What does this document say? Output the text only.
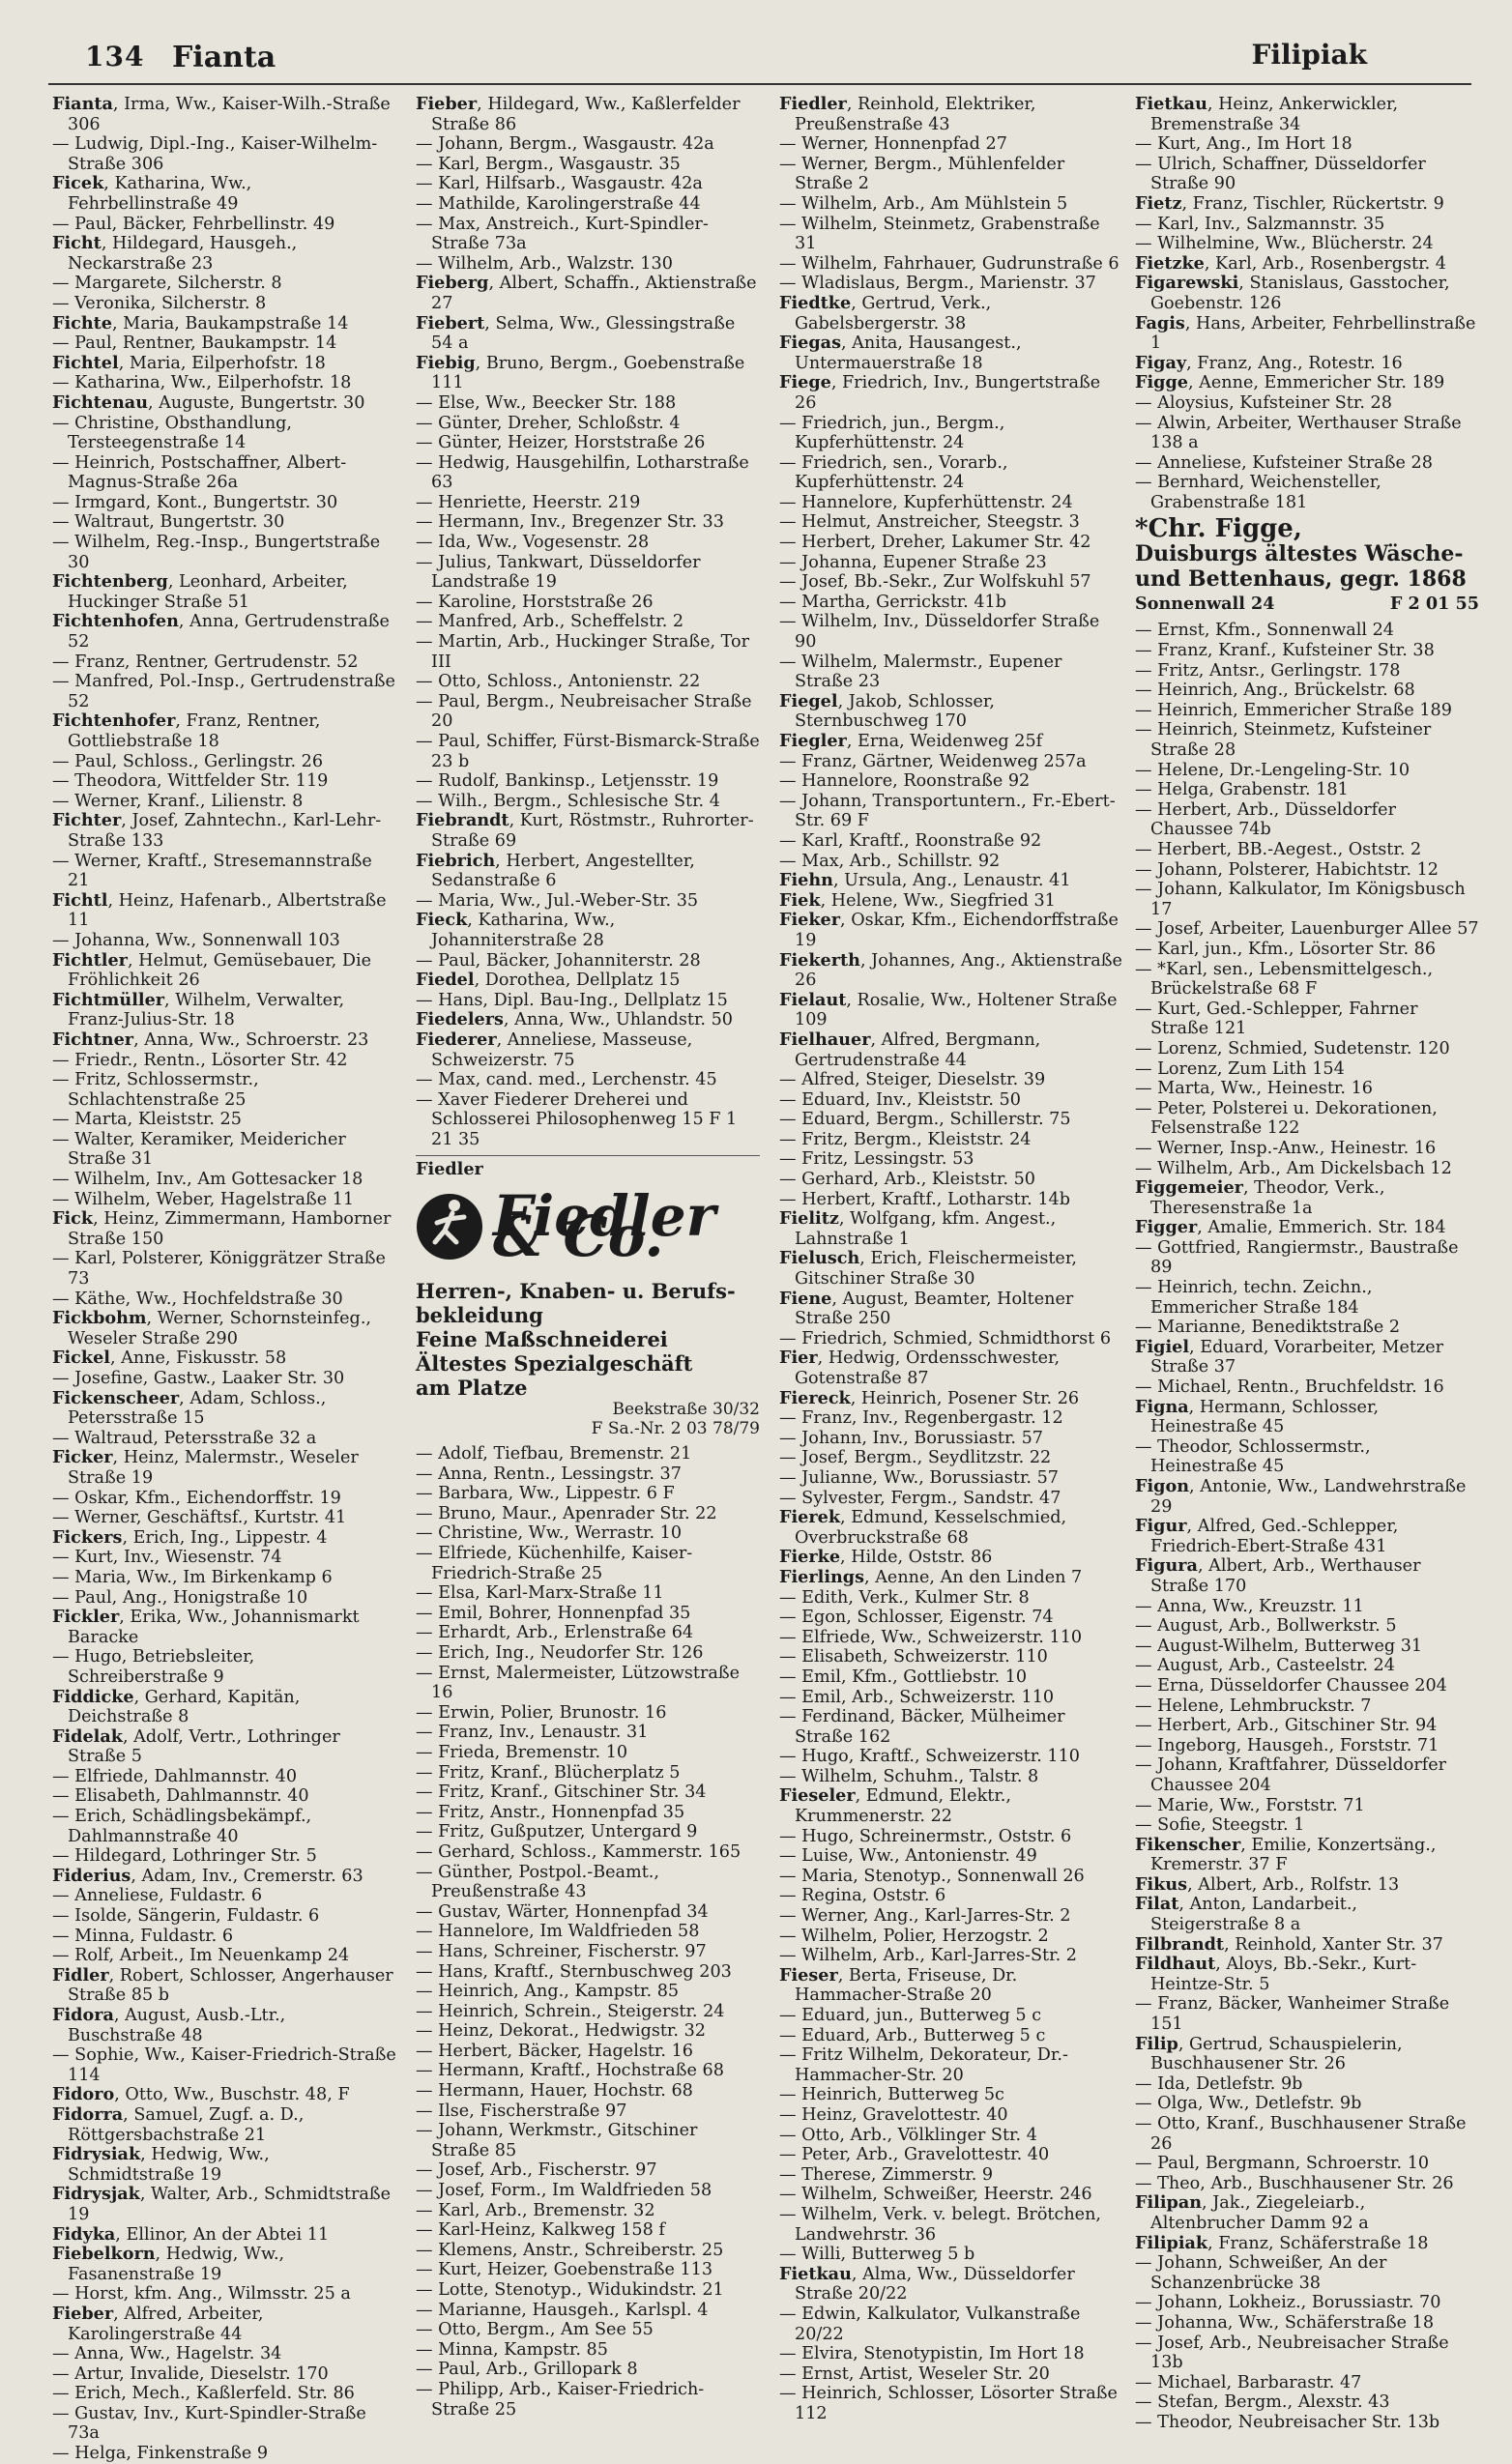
134 Fianta	Filipiak

Fianta, Irma, Ww., Kaiser-Wilh.-Straße 306

— Ludwig, Dipl.-Ing., Kaiser-Wilhelm-Straße 306

Ficek, Katharina, Ww., Fehrbellinstraße 49

— Paul, Bäcker, Fehrbellinstr. 49

Ficht, Hildegard, Hausgeh., Neckarstraße 23

— Margarete, Silcherstr. 8

— Veronika, Silcherstr. 8

Fichte, Maria, Baukampstraße 14

— Paul, Rentner, Baukampstr. 14

Fichtel, Maria, Eilperhofstr. 18

— Katharina, Ww., Eilperhofstr. 18

Fichtenau, Auguste, Bungertstr. 30

— Christine, Obsthandlung, Tersteegenstraße 14

— Heinrich, Postschaffner, Albert-Magnus-Straße 26a

— Irmgard, Kont., Bungertstr. 30

— Waltraut, Bungertstr. 30

— Wilhelm, Reg.-Insp., Bungertstraße 30

Fichtenberg, Leonhard, Arbeiter, Huckinger Straße 51

Fichtenhofen, Anna, Gertrudenstraße 52

— Franz, Rentner, Gertrudenstr. 52

— Manfred, Pol.-Insp., Gertrudenstraße 52

Fichtenhofer, Franz, Rentner, Gottliebstraße 18

— Paul, Schloss., Gerlingstr. 26

— Theodora, Wittfelder Str. 119

— Werner, Kranf., Lilienstr. 8

Fichter, Josef, Zahntechn., Karl-Lehr-Straße 133

— Werner, Kraftf., Stresemannstraße 21

Fichtl, Heinz, Hafenarb., Albertstraße 11

— Johanna, Ww., Sonnenwall 103

Fichtler, Helmut, Gemüsebauer, Die Fröhlichkeit 26

Fichtmüller, Wilhelm, Verwalter, Franz-Julius-Str. 18

Fichtner, Anna, Ww., Schroerstr. 23

— Friedr., Rentn., Lösorter Str. 42

— Fritz, Schlossermstr., Schlachtenstraße 25

— Marta, Kleiststr. 25

— Walter, Keramiker, Meidericher Straße 31

— Wilhelm, Inv., Am Gottesacker 18

— Wilhelm, Weber, Hagelstraße 11

Fick, Heinz, Zimmermann, Hamborner Straße 150

— Karl, Polsterer, Königgrätzer Straße 73

— Käthe, Ww., Hochfeldstraße 30

Fickbohm, Werner, Schornsteinfeg., Weseler Straße 290

Fickel, Anne, Fiskusstr. 58

— Josefine, Gastw., Laaker Str. 30

Fickenscheer, Adam, Schloss., Petersstraße 15

— Waltraud, Petersstraße 32 a

Ficker, Heinz, Malermstr., Weseler Straße 19

— Oskar, Kfm., Eichendorffstr. 19

— Werner, Geschäftsf., Kurtstr. 41

Fickers, Erich, Ing., Lippestr. 4

— Kurt, Inv., Wiesenstr. 74

— Maria, Ww., Im Birkenkamp 6

— Paul, Ang., Honigstraße 10

Fickler, Erika, Ww., Johannismarkt Baracke

— Hugo, Betriebsleiter, Schreiberstraße 9

Fiddicke, Gerhard, Kapitän, Deichstraße 8

Fidelak, Adolf, Vertr., Lothringer Straße 5

— Elfriede, Dahlmannstr. 40

— Elisabeth, Dahlmannstr. 40

— Erich, Schädlingsbekämpf., Dahlmannstraße 40

— Hildegard, Lothringer Str. 5

Fiderius, Adam, Inv., Cremerstr. 63

— Anneliese, Fuldastr. 6

— Isolde, Sängerin, Fuldastr. 6

— Minna, Fuldastr. 6

— Rolf, Arbeit., Im Neuenkamp 24

Fidler, Robert, Schlosser, Angerhauser Straße 85 b

Fidora, August, Ausb.-Ltr., Buschstraße 48

— Sophie, Ww., Kaiser-Friedrich-Straße 114

Fidoro, Otto, Ww., Buschstr. 48, F

Fidorra, Samuel, Zugf. a. D., Röttgersbachstraße 21

Fidrysiak, Hedwig, Ww., Schmidtstraße 19

Fidrysjak, Walter, Arb., Schmidtstraße 19

Fidyka, Ellinor, An der Abtei 11

Fiebelkorn, Hedwig, Ww., Fasanenstraße 19

— Horst, kfm. Ang., Wilmsstr. 25 a

Fieber, Alfred, Arbeiter, Karolingerstraße 44

— Anna, Ww., Hagelstr. 34

— Artur, Invalide, Dieselstr. 170

— Erich, Mech., Kaßlerfeld. Str. 86

— Gustav, Inv., Kurt-Spindler-Straße 73a

— Helga, Finkenstraße 9

Fieber, Hildegard, Ww., Kaßlerfelder Straße 86

— Johann, Bergm., Wasgaustr. 42a

— Karl, Bergm., Wasgaustr. 35

— Karl, Hilfsarb., Wasgaustr. 42a

— Mathilde, Karolingerstraße 44

— Max, Anstreich., Kurt-Spindler-Straße 73a

— Wilhelm, Arb., Walzstr. 130

Fieberg, Albert, Schaffn., Aktienstraße 27

Fiebert, Selma, Ww., Glessingstraße 54 a

Fiebig, Bruno, Bergm., Goebenstraße 111

— Else, Ww., Beecker Str. 188

— Günter, Dreher, Schloßstr. 4

— Günter, Heizer, Horststraße 26

— Hedwig, Hausgehilfin, Lotharstraße 63

— Henriette, Heerstr. 219

— Hermann, Inv., Bregenzer Str. 33

— Ida, Ww., Vogesenstr. 28

— Julius, Tankwart, Düsseldorfer Landstraße 19

— Karoline, Horststraße 26

— Manfred, Arb., Scheffelstr. 2

— Martin, Arb., Huckinger Straße, Tor III

— Otto, Schloss., Antonienstr. 22

— Paul, Bergm., Neubreisacher Straße 20

— Paul, Schiffer, Fürst-Bismarck-Straße 23 b

— Rudolf, Bankinsp., Letjensstr. 19

— Wilh., Bergm., Schlesische Str. 4

Fiebrandt, Kurt, Röstmstr., Ruhrorter-Straße 69

Fiebrich, Herbert, Angestellter, Sedanstraße 6

— Maria, Ww., Jul.-Weber-Str. 35

Fieck, Katharina, Ww., Johanniterstraße 28

— Paul, Bäcker, Johanniterstr. 28

Fiedel, Dorothea, Dellplatz 15

— Hans, Dipl. Bau-Ing., Dellplatz 15

Fiedelers, Anna, Ww., Uhlandstr. 50

Fiederer, Anneliese, Masseuse, Schweizerstr. 75

— Max, cand. med., Lerchenstr. 45

— Xaver Fiederer Dreherei und Schlosserei Philosophenweg 15 F 1 21 35

Fiedler

Fiedler & Co.
Herren-, Knaben- u. Berufs-
bekleidung
Feine Maßschneiderei
Ältestes Spezialgeschäft
am Platze
Beekstraße 30/32
F Sa.-Nr. 2 03 78/79

— Adolf, Tiefbau, Bremenstr. 21

— Anna, Rentn., Lessingstr. 37

— Barbara, Ww., Lippestr. 6 F

— Bruno, Maur., Apenrader Str. 22

— Christine, Ww., Werrastr. 10

— Elfriede, Küchenhilfe, Kaiser-Friedrich-Straße 25

— Elsa, Karl-Marx-Straße 11

— Emil, Bohrer, Honnenpfad 35

— Erhardt, Arb., Erlenstraße 64

— Erich, Ing., Neudorfer Str. 126

— Ernst, Malermeister, Lützowstraße 16

— Erwin, Polier, Brunostr. 16

— Franz, Inv., Lenaustr. 31

— Frieda, Bremenstr. 10

— Fritz, Kranf., Blücherplatz 5

— Fritz, Kranf., Gitschiner Str. 34

— Fritz, Anstr., Honnenpfad 35

— Fritz, Gußputzer, Untergard 9

— Gerhard, Schloss., Kammerstr. 165

— Günther, Postpol.-Beamt., Preußenstraße 43

— Gustav, Wärter, Honnenpfad 34

— Hannelore, Im Waldfrieden 58

— Hans, Schreiner, Fischerstr. 97

— Hans, Kraftf., Sternbuschweg 203

— Heinrich, Ang., Kampstr. 85

— Heinrich, Schrein., Steigerstr. 24

— Heinz, Dekorat., Hedwigstr. 32

— Herbert, Bäcker, Hagelstr. 16

— Hermann, Kraftf., Hochstraße 68

— Hermann, Hauer, Hochstr. 68

— Ilse, Fischerstraße 97

— Johann, Werkmstr., Gitschiner Straße 85

— Josef, Arb., Fischerstr. 97

— Josef, Form., Im Waldfrieden 58

— Karl, Arb., Bremenstr. 32

— Karl-Heinz, Kalkweg 158 f

— Klemens, Anstr., Schreiberstr. 25

— Kurt, Heizer, Goebenstraße 113

— Lotte, Stenotyp., Widukindstr. 21

— Marianne, Hausgeh., Karlspl. 4

— Otto, Bergm., Am See 55

— Minna, Kampstr. 85

— Paul, Arb., Grillopark 8

— Philipp, Arb., Kaiser-Friedrich-Straße 25

Fiedler, Reinhold, Elektriker, Preußenstraße 43

— Werner, Honnenpfad 27

— Werner, Bergm., Mühlenfelder Straße 2

— Wilhelm, Arb., Am Mühlstein 5

— Wilhelm, Steinmetz, Grabenstraße 31

— Wilhelm, Fahrhauer, Gudrunstraße 6

— Wladislaus, Bergm., Marienstr. 37

Fiedtke, Gertrud, Verk., Gabelsbergerstr. 38

Fiegas, Anita, Hausangest., Untermauerstraße 18

Fiege, Friedrich, Inv., Bungertstraße 26

— Friedrich, jun., Bergm., Kupferhüttenstr. 24

— Friedrich, sen., Vorarb., Kupferhüttenstr. 24

— Hannelore, Kupferhüttenstr. 24

— Helmut, Anstreicher, Steegstr. 3

— Herbert, Dreher, Lakumer Str. 42

— Johanna, Eupener Straße 23

— Josef, Bb.-Sekr., Zur Wolfskuhl 57

— Martha, Gerrickstr. 41b

— Wilhelm, Inv., Düsseldorfer Straße 90

— Wilhelm, Malermstr., Eupener Straße 23

Fiegel, Jakob, Schlosser, Sternbuschweg 170

Fiegler, Erna, Weidenweg 25f

— Franz, Gärtner, Weidenweg 257a

— Hannelore, Roonstraße 92

— Johann, Transportuntern., Fr.-Ebert-Str. 69 F

— Karl, Kraftf., Roonstraße 92

— Max, Arb., Schillstr. 92

Fiehn, Ursula, Ang., Lenaustr. 41

Fiek, Helene, Ww., Siegfried 31

Fieker, Oskar, Kfm., Eichendorffstraße 19

Fiekerth, Johannes, Ang., Aktienstraße 26

Fielaut, Rosalie, Ww., Holtener Straße 109

Fielhauer, Alfred, Bergmann, Gertrudenstraße 44

— Alfred, Steiger, Dieselstr. 39

— Eduard, Inv., Kleiststr. 50

— Eduard, Bergm., Schillerstr. 75

— Fritz, Bergm., Kleiststr. 24

— Fritz, Lessingstr. 53

— Gerhard, Arb., Kleiststr. 50

— Herbert, Kraftf., Lotharstr. 14b

Fielitz, Wolfgang, kfm. Angest., Lahnstraße 1

Fielusch, Erich, Fleischermeister, Gitschiner Straße 30

Fiene, August, Beamter, Holtener Straße 250

— Friedrich, Schmied, Schmidthorst 6

Fier, Hedwig, Ordensschwester, Gotenstraße 87

Fiereck, Heinrich, Posener Str. 26

— Franz, Inv., Regenbergastr. 12

— Johann, Inv., Borussiastr. 57

— Josef, Bergm., Seydlitzstr. 22

— Julianne, Ww., Borussiastr. 57

— Sylvester, Fergm., Sandstr. 47

Fierek, Edmund, Kesselschmied, Overbruckstraße 68

Fierke, Hilde, Oststr. 86

Fierlings, Aenne, An den Linden 7

— Edith, Verk., Kulmer Str. 8

— Egon, Schlosser, Eigenstr. 74

— Elfriede, Ww., Schweizerstr. 110

— Elisabeth, Schweizerstr. 110

— Emil, Kfm., Gottliebstr. 10

— Emil, Arb., Schweizerstr. 110

— Ferdinand, Bäcker, Mülheimer Straße 162

— Hugo, Kraftf., Schweizerstr. 110

— Wilhelm, Schuhm., Talstr. 8

Fieseler, Edmund, Elektr., Krummenerstr. 22

— Hugo, Schreinermstr., Oststr. 6

— Luise, Ww., Antonienstr. 49

— Maria, Stenotyp., Sonnenwall 26

— Regina, Oststr. 6

— Werner, Ang., Karl-Jarres-Str. 2

— Wilhelm, Polier, Herzogstr. 2

— Wilhelm, Arb., Karl-Jarres-Str. 2

Fieser, Berta, Friseuse, Dr. Hammacher-Straße 20

— Eduard, jun., Butterweg 5 c

— Eduard, Arb., Butterweg 5 c

— Fritz Wilhelm, Dekorateur, Dr.-Hammacher-Str. 20

— Heinrich, Butterweg 5c

— Heinz, Gravelottestr. 40

— Otto, Arb., Völklinger Str. 4

— Peter, Arb., Gravelottestr. 40

— Therese, Zimmerstr. 9

— Wilhelm, Schweißer, Heerstr. 246

— Wilhelm, Verk. v. belegt. Brötchen, Landwehrstr. 36

— Willi, Butterweg 5 b

Fietkau, Alma, Ww., Düsseldorfer Straße 20/22

— Edwin, Kalkulator, Vulkanstraße 20/22

— Elvira, Stenotypistin, Im Hort 18

— Ernst, Artist, Weseler Str. 20

— Heinrich, Schlosser, Lösorter Straße 112

Fietkau, Heinz, Ankerwickler, Bremenstraße 34

— Kurt, Ang., Im Hort 18

— Ulrich, Schaffner, Düsseldorfer Straße 90

Fietz, Franz, Tischler, Rückertstr. 9

— Karl, Inv., Salzmannstr. 35

— Wilhelmine, Ww., Blücherstr. 24

Fietzke, Karl, Arb., Rosenbergstr. 4

Figarewski, Stanislaus, Gasstocher, Goebenstr. 126

Fagis, Hans, Arbeiter, Fehrbellinstraße 1

Figay, Franz, Ang., Rotestr. 16

Figge, Aenne, Emmericher Str. 189

— Aloysius, Kufsteiner Str. 28

— Alwin, Arbeiter, Werthauser Straße 138 a

— Anneliese, Kufsteiner Straße 28

— Bernhard, Weichensteller, Grabenstraße 181

*Chr. Figge,
Duisburgs ältestes Wäsche-
und Bettenhaus, gegr. 1868
Sonnenwall 24	F 2 01 55

— Ernst, Kfm., Sonnenwall 24

— Franz, Kranf., Kufsteiner Str. 38

— Fritz, Antsr., Gerlingstr. 178

— Heinrich, Ang., Brückelstr. 68

— Heinrich, Emmericher Straße 189

— Heinrich, Steinmetz, Kufsteiner Straße 28

— Helene, Dr.-Lengeling-Str. 10

— Helga, Grabenstr. 181

— Herbert, Arb., Düsseldorfer Chaussee 74b

— Herbert, BB.-Aegest., Oststr. 2

— Johann, Polsterer, Habichtstr. 12

— Johann, Kalkulator, Im Königsbusch 17

— Josef, Arbeiter, Lauenburger Allee 57

— Karl, jun., Kfm., Lösorter Str. 86

— *Karl, sen., Lebensmittelgesch., Brückelstraße 68 F

— Kurt, Ged.-Schlepper, Fahrner Straße 121

— Lorenz, Schmied, Sudetenstr. 120

— Lorenz, Zum Lith 154

— Marta, Ww., Heinestr. 16

— Peter, Polsterei u. Dekorationen, Felsenstraße 122

— Werner, Insp.-Anw., Heinestr. 16

— Wilhelm, Arb., Am Dickelsbach 12

Figgemeier, Theodor, Verk., Theresenstraße 1a

Figger, Amalie, Emmerich. Str. 184

— Gottfried, Rangiermstr., Baustraße 89

— Heinrich, techn. Zeichn., Emmericher Straße 184

— Marianne, Benediktstraße 2

Figiel, Eduard, Vorarbeiter, Metzer Straße 37

— Michael, Rentn., Bruchfeldstr. 16

Figna, Hermann, Schlosser, Heinestraße 45

— Theodor, Schlossermstr., Heinestraße 45

Figon, Antonie, Ww., Landwehrstraße 29

Figur, Alfred, Ged.-Schlepper, Friedrich-Ebert-Straße 431

Figura, Albert, Arb., Werthauser Straße 170

— Anna, Ww., Kreuzstr. 11

— August, Arb., Bollwerkstr. 5

— August-Wilhelm, Butterweg 31

— August, Arb., Casteelstr. 24

— Erna, Düsseldorfer Chaussee 204

— Helene, Lehmbruckstr. 7

— Herbert, Arb., Gitschiner Str. 94

— Ingeborg, Hausgeh., Forststr. 71

— Johann, Kraftfahrer, Düsseldorfer Chaussee 204

— Marie, Ww., Forststr. 71

— Sofie, Steegstr. 1

Fikenscher, Emilie, Konzertsäng., Kremerstr. 37 F

Fikus, Albert, Arb., Rolfstr. 13

Filat, Anton, Landarbeit., Steigerstraße 8 a

Filbrandt, Reinhold, Xanter Str. 37

Fildhaut, Aloys, Bb.-Sekr., Kurt-Heintze-Str. 5

— Franz, Bäcker, Wanheimer Straße 151

Filip, Gertrud, Schauspielerin, Buschhausener Str. 26

— Ida, Detlefstr. 9b

— Olga, Ww., Detlefstr. 9b

— Otto, Kranf., Buschhausener Straße 26

— Paul, Bergmann, Schroerstr. 10

— Theo, Arb., Buschhausener Str. 26

Filipan, Jak., Ziegeleiarb., Altenbrucher Damm 92 a

Filipiak, Franz, Schäferstraße 18

— Johann, Schweißer, An der Schanzenbrücke 38

— Johann, Lokheiz., Borussiastr. 70

— Johanna, Ww., Schäferstraße 18

— Josef, Arb., Neubreisacher Straße 13b

— Michael, Barbarastr. 47

— Stefan, Bergm., Alexstr. 43

— Theodor, Neubreisacher Str. 13b
